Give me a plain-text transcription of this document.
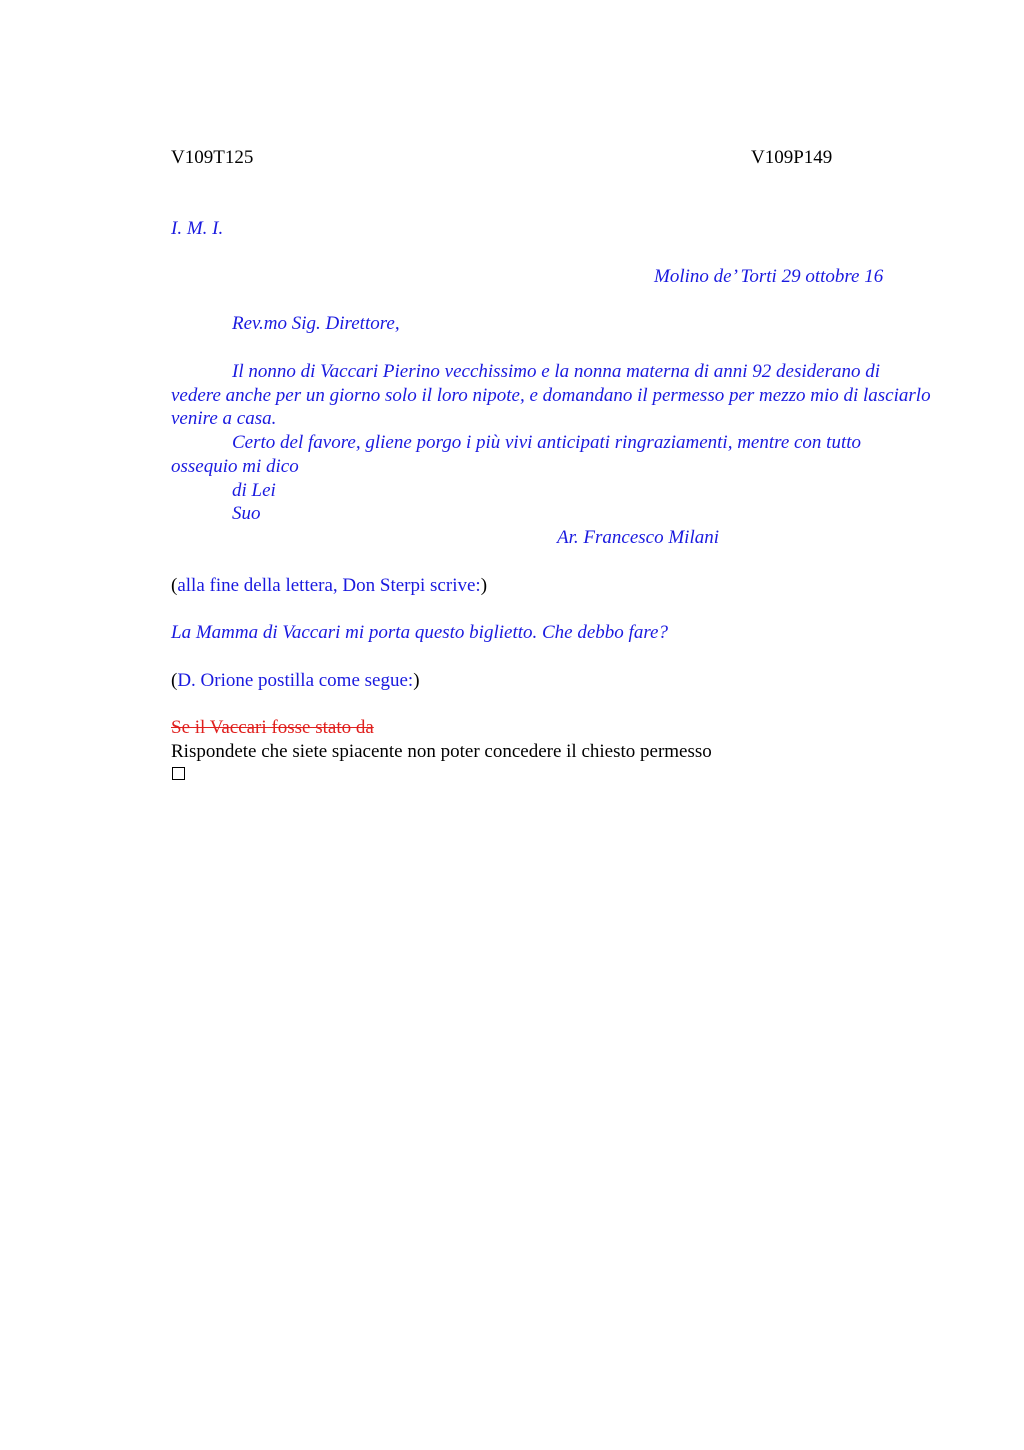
V109T125	V109P149
I. M. I.
Molino de’ Torti 29 ottobre 16
Rev.mo Sig. Direttore,
Il nonno di Vaccari Pierino vecchissimo e la nonna materna di anni 92 desiderano di vedere anche per un giorno solo il loro nipote, e domandano il permesso per mezzo mio di lasciarlo venire a casa.
Certo del favore, gliene porgo i più vivi anticipati ringraziamenti, mentre con tutto ossequio mi dico
di Lei
Suo
Ar. Francesco Milani
(alla fine della lettera, Don Sterpi scrive:)
La Mamma di Vaccari mi porta questo biglietto. Che debbo fare?
(D. Orione postilla come segue:)
Se il Vaccari fosse stato da
Rispondete che siete spiacente non poter concedere il chiesto permesso
